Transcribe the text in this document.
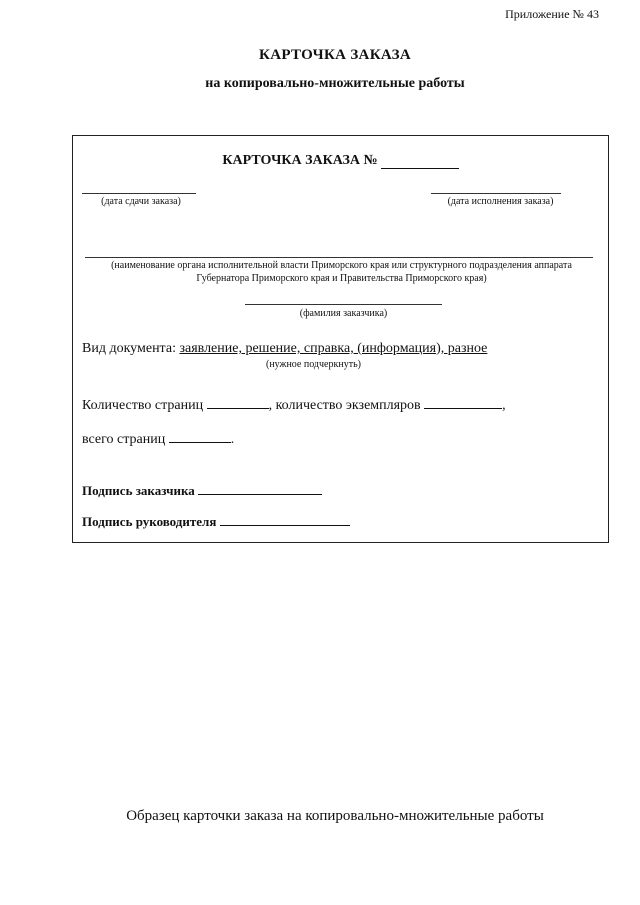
Приложение № 43
КАРТОЧКА ЗАКАЗА
на копировально-множительные работы
КАРТОЧКА ЗАКАЗА №
(дата сдачи заказа)	(дата исполнения заказа)
(наименование органа исполнительной власти Приморского края или структурного подразделения аппарата
Губернатора Приморского края и Правительства Приморского края)
(фамилия заказчика)
Вид документа: заявление, решение, справка, (информация), разное
(нужное подчеркнуть)
Количество страниц	, количество экземпляров	,
всего страниц	.
Подпись заказчика
Подпись руководителя
Образец карточки заказа на копировально-множительные работы
